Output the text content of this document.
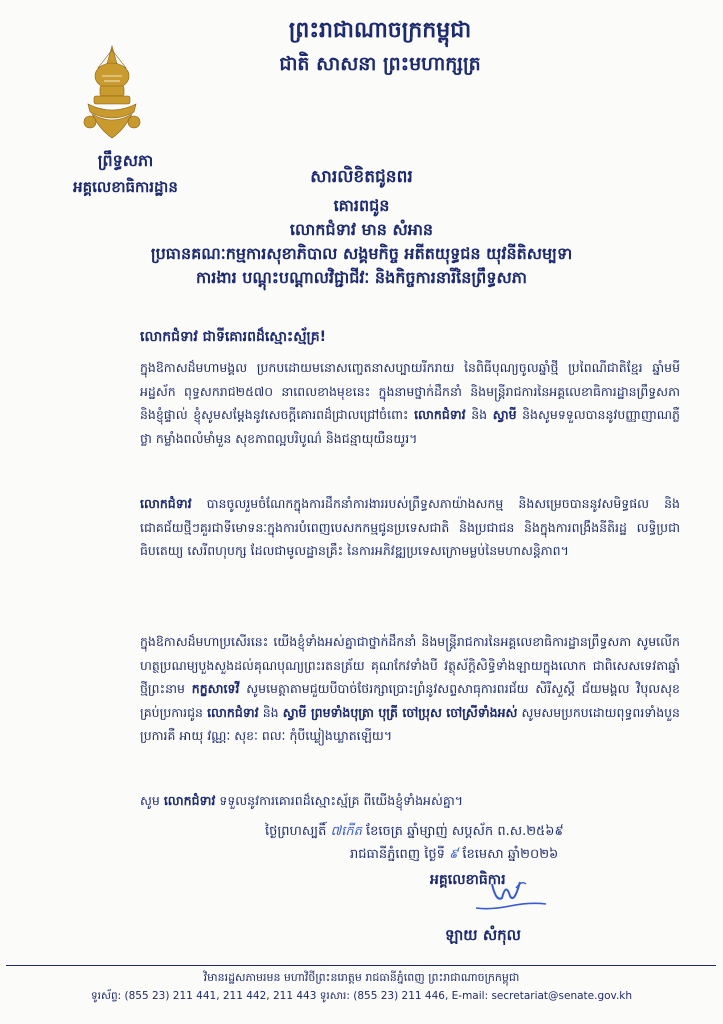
ព្រះរាជាណាចក្រកម្ពុជា
ជាតិ សាសនា ព្រះមហាក្សត្រ
ព្រឹទ្ធសភា
អគ្គលេខាធិការដ្ឋាន	សារលិខិតជូនពរ
គោរពជូន
លោកជំទាវ មាន សំអាន
ប្រធានគណៈកម្មការសុខាភិបាល សង្គមកិច្ច អតីតយុទ្ធជន យុវនីតិសម្បទា
ការងារ បណ្តុះបណ្តាលវិជ្ជាជីវៈ និងកិច្ចការនារីនៃព្រឹទ្ធសភា
លោកជំទាវ ជាទីគោរពដ៏ស្មោះស្ម័គ្រ!
ក្នុងឱកាសដ៏មហាមង្គល ប្រកបដោយមនោសញ្ចេតនាសប្បាយរីករាយ នៃពិធីបុណ្យចូលឆ្នាំថ្មី ប្រពៃណីជាតិខ្មែរ ឆ្នាំមមី អដ្ឋស័ក ពុទ្ធសករាជ២៥៧០ នាពេលខាងមុខនេះ ក្នុងនាមថ្នាក់ដឹកនាំ និងមន្ត្រីរាជការនៃអគ្គលេខាធិការដ្ឋានព្រឹទ្ធសភា និងខ្ញុំផ្ទាល់ ខ្ញុំសូមសម្តែងនូវសេចក្តីគោរពដ៏ជ្រាលជ្រៅចំពោះ លោកជំទាវ និង ស្វាមី និងសូមទទួលបាននូវបញ្ញាញាណភ្លឺថ្លា កម្លាំងពលំមាំមួន សុខភាពល្អបរិបូណ៌ និងជន្មាយុយឺនយូរ។
លោកជំទាវ បានចូលរួមចំណែកក្នុងការដឹកនាំការងាររបស់ព្រឹទ្ធសភាយ៉ាងសកម្ម និងសម្រេចបាននូវសមិទ្ធផល និងជោគជ័យថ្មីៗគួរជាទីមោទនៈក្នុងការបំពេញបេសកកម្មជូនប្រទេសជាតិ និងប្រជាជន និងក្នុងការពង្រឹងនីតិរដ្ឋ លទ្ធិប្រជាធិបតេយ្យ សេរីពហុបក្ស ដែលជាមូលដ្ឋានគ្រឹះ នៃការអភិវឌ្ឍប្រទេសក្រោមម្លប់នៃមហាសន្តិភាព។
ក្នុងឱកាសដ៏មហាប្រសើរនេះ យើងខ្ញុំទាំងអស់គ្នាជាថ្នាក់ដឹកនាំ និងមន្ត្រីរាជការនៃអគ្គលេខាធិការដ្ឋានព្រឹទ្ធសភា សូមលើកហត្ថប្រណម្យបួងសួងដល់គុណបុណ្យព្រះរតនត្រ័យ គុណកែវទាំងបី វត្ថុស័ក្តិសិទ្ធិទាំងឡាយក្នុងលោក ជាពិសេសទេវតាឆ្នាំថ្មីព្រះនាម កក្ខសាទេវី សូមមេត្តាតាមជួយបីបាច់ថែរក្សាប្រោះព្រំនូវសព្ទសាធុការពរជ័យ សិរីសួស្តី ជ័យមង្គល វិបុលសុខគ្រប់ប្រការជូន លោកជំទាវ និង ស្វាមី ព្រមទាំងបុត្រា បុត្រី ចៅប្រុស ចៅស្រីទាំងអស់ សូមសមប្រកបដោយពុទ្ធពរទាំងបួនប្រការគឺ អាយុ វណ្ណៈ សុខៈ ពលៈ កុំបីឃ្លៀងឃ្លាតឡើយ។
សូម លោកជំទាវ ទទួលនូវការគោរពដ៏ស្មោះស្ម័គ្រ ពីយើងខ្ញុំទាំងអស់គ្នា។
ថ្ងៃព្រហស្បតិ៍ ៧កើត ខែចេត្រ ឆ្នាំម្សាញ់ សប្តស័ក ព.ស.២៥៦៩
រាជធានីភ្នំពេញ ថ្ងៃទី ៩ ខែមេសា ឆ្នាំ២០២៦
អគ្គលេខាធិការ
ឡាយ សំកុល
វិមានរដ្ឋសភាមរមន មហាវិថីព្រះនរោត្តម រាជធានីភ្នំពេញ ព្រះរាជាណាចក្រកម្ពុជា
ទូរស័ព្ទ: (855 23) 211 441, 211 442, 211 443 ទូរសារ: (855 23) 211 446, E-mail: secretariat@senate.gov.kh
